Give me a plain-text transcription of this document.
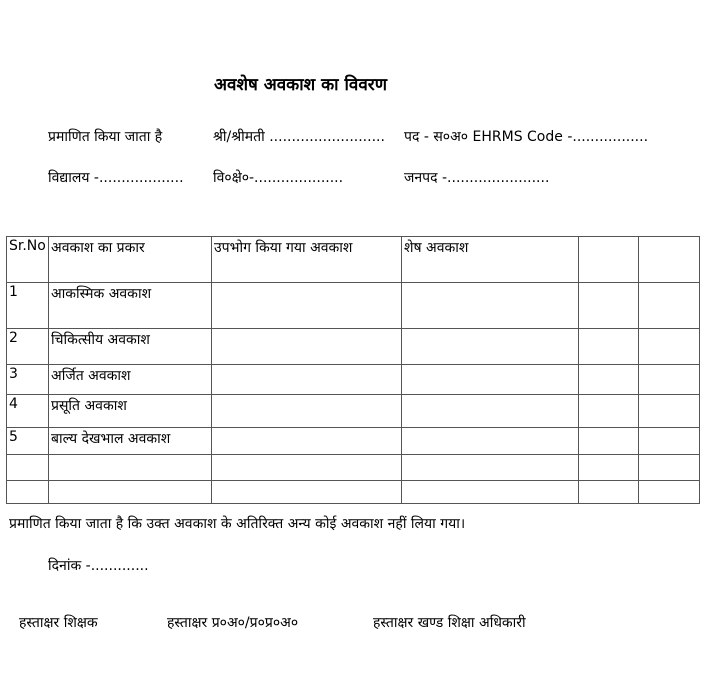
अवशेष अवकाश का विवरण
प्रमाणित किया जाता है	श्री/श्रीमती .......................... पद - स०अ० EHRMS Code -.................
विद्यालय -................... वि०क्षे०-....................	जनपद -.......................
Sr.No	अवकाश का प्रकार	उपभोग किया गया अवकाश	शेष अवकाश		
1	आकस्मिक अवकाश				
2	चिकित्सीय अवकाश				
3	अर्जित अवकाश				
4	प्रसूति अवकाश				
5	बाल्य देखभाल अवकाश				

प्रमाणित किया जाता है कि उक्त अवकाश के अतिरिक्त अन्य कोई अवकाश नहीं लिया गया।
दिनांक -.............
हस्ताक्षर शिक्षक	हस्ताक्षर प्र०अ०/प्र०प्र०अ०	हस्ताक्षर खण्ड शिक्षा अधिकारी
